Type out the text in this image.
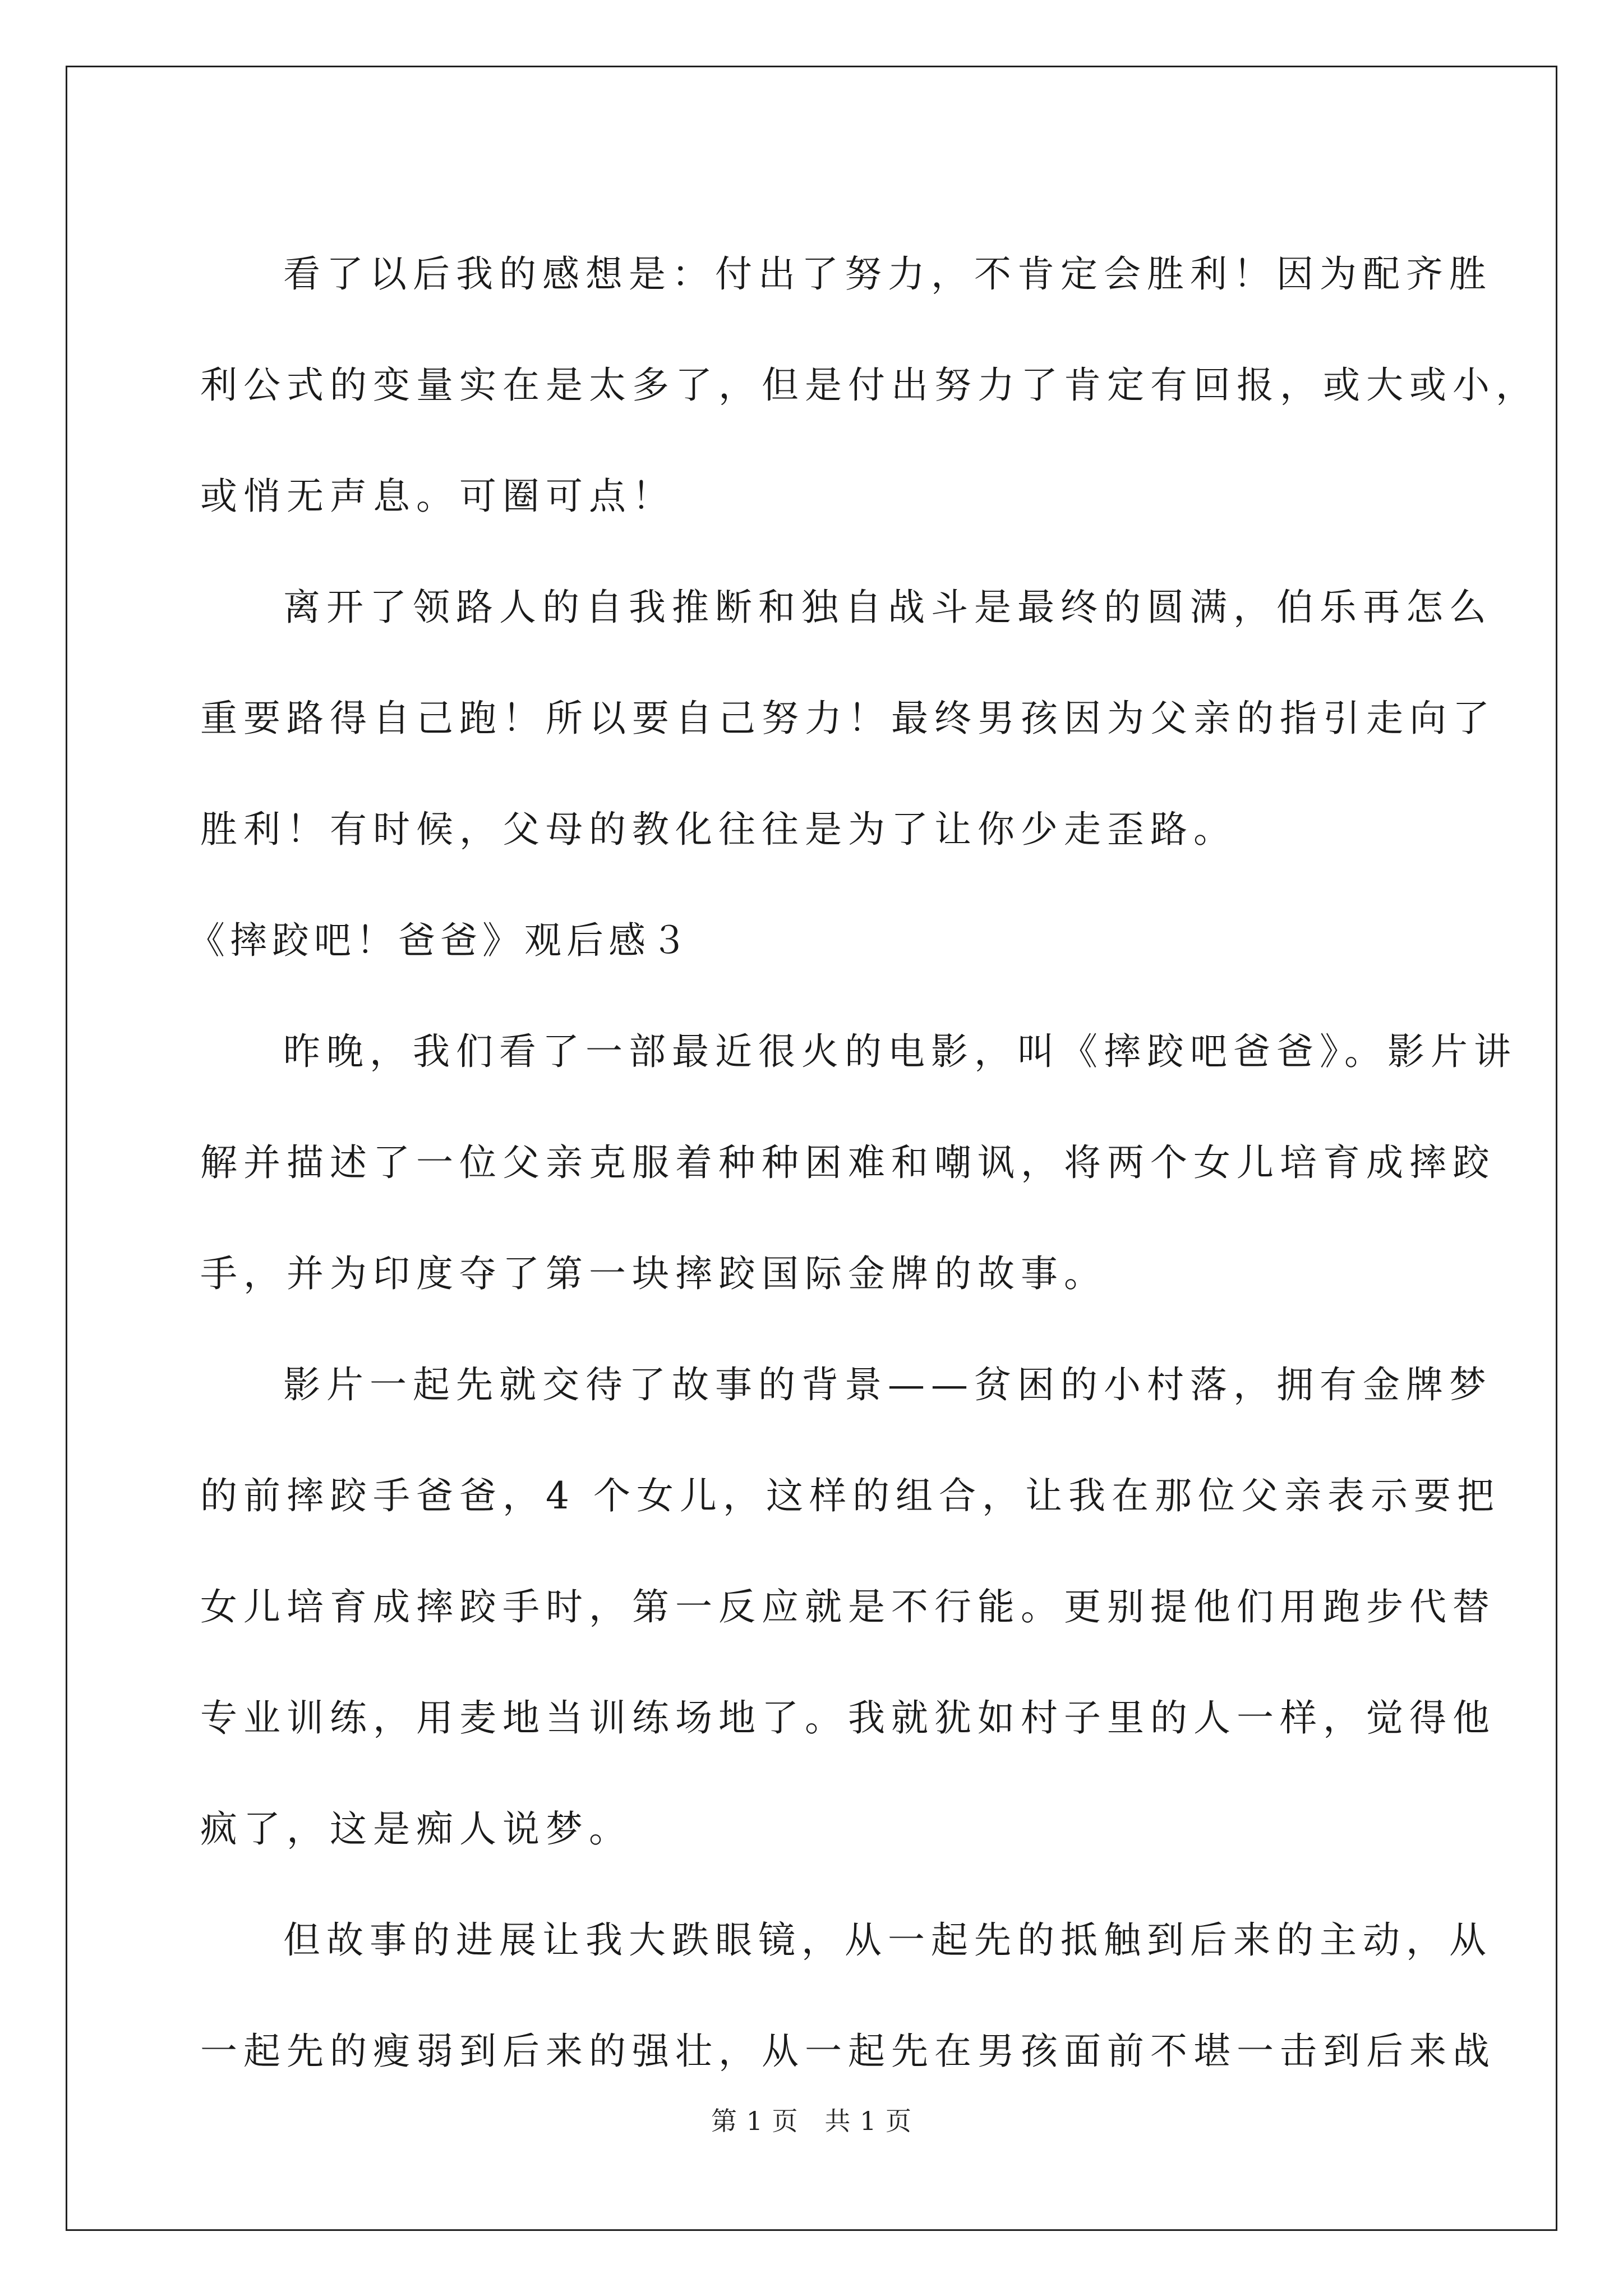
看了以后我的感想是：付出了努力，不肯定会胜利！因为配齐胜
利公式的变量实在是太多了，但是付出努力了肯定有回报，或大或小，
或悄无声息。可圈可点！
离开了领路人的自我推断和独自战斗是最终的圆满，伯乐再怎么
重要路得自己跑！所以要自己努力！最终男孩因为父亲的指引走向了
胜利！有时候，父母的教化往往是为了让你少走歪路。
《摔跤吧！爸爸》观后感３
昨晚，我们看了一部最近很火的电影，叫《摔跤吧爸爸》。影片讲
解并描述了一位父亲克服着种种困难和嘲讽，将两个女儿培育成摔跤
手，并为印度夺了第一块摔跤国际金牌的故事。
影片一起先就交待了故事的背景——贫困的小村落，拥有金牌梦
的前摔跤手爸爸，4 个女儿，这样的组合，让我在那位父亲表示要把
女儿培育成摔跤手时，第一反应就是不行能。更别提他们用跑步代替
专业训练，用麦地当训练场地了。我就犹如村子里的人一样，觉得他
疯了，这是痴人说梦。
但故事的进展让我大跌眼镜，从一起先的抵触到后来的主动，从
一起先的瘦弱到后来的强壮，从一起先在男孩面前不堪一击到后来战
第 1 页　共 1 页
